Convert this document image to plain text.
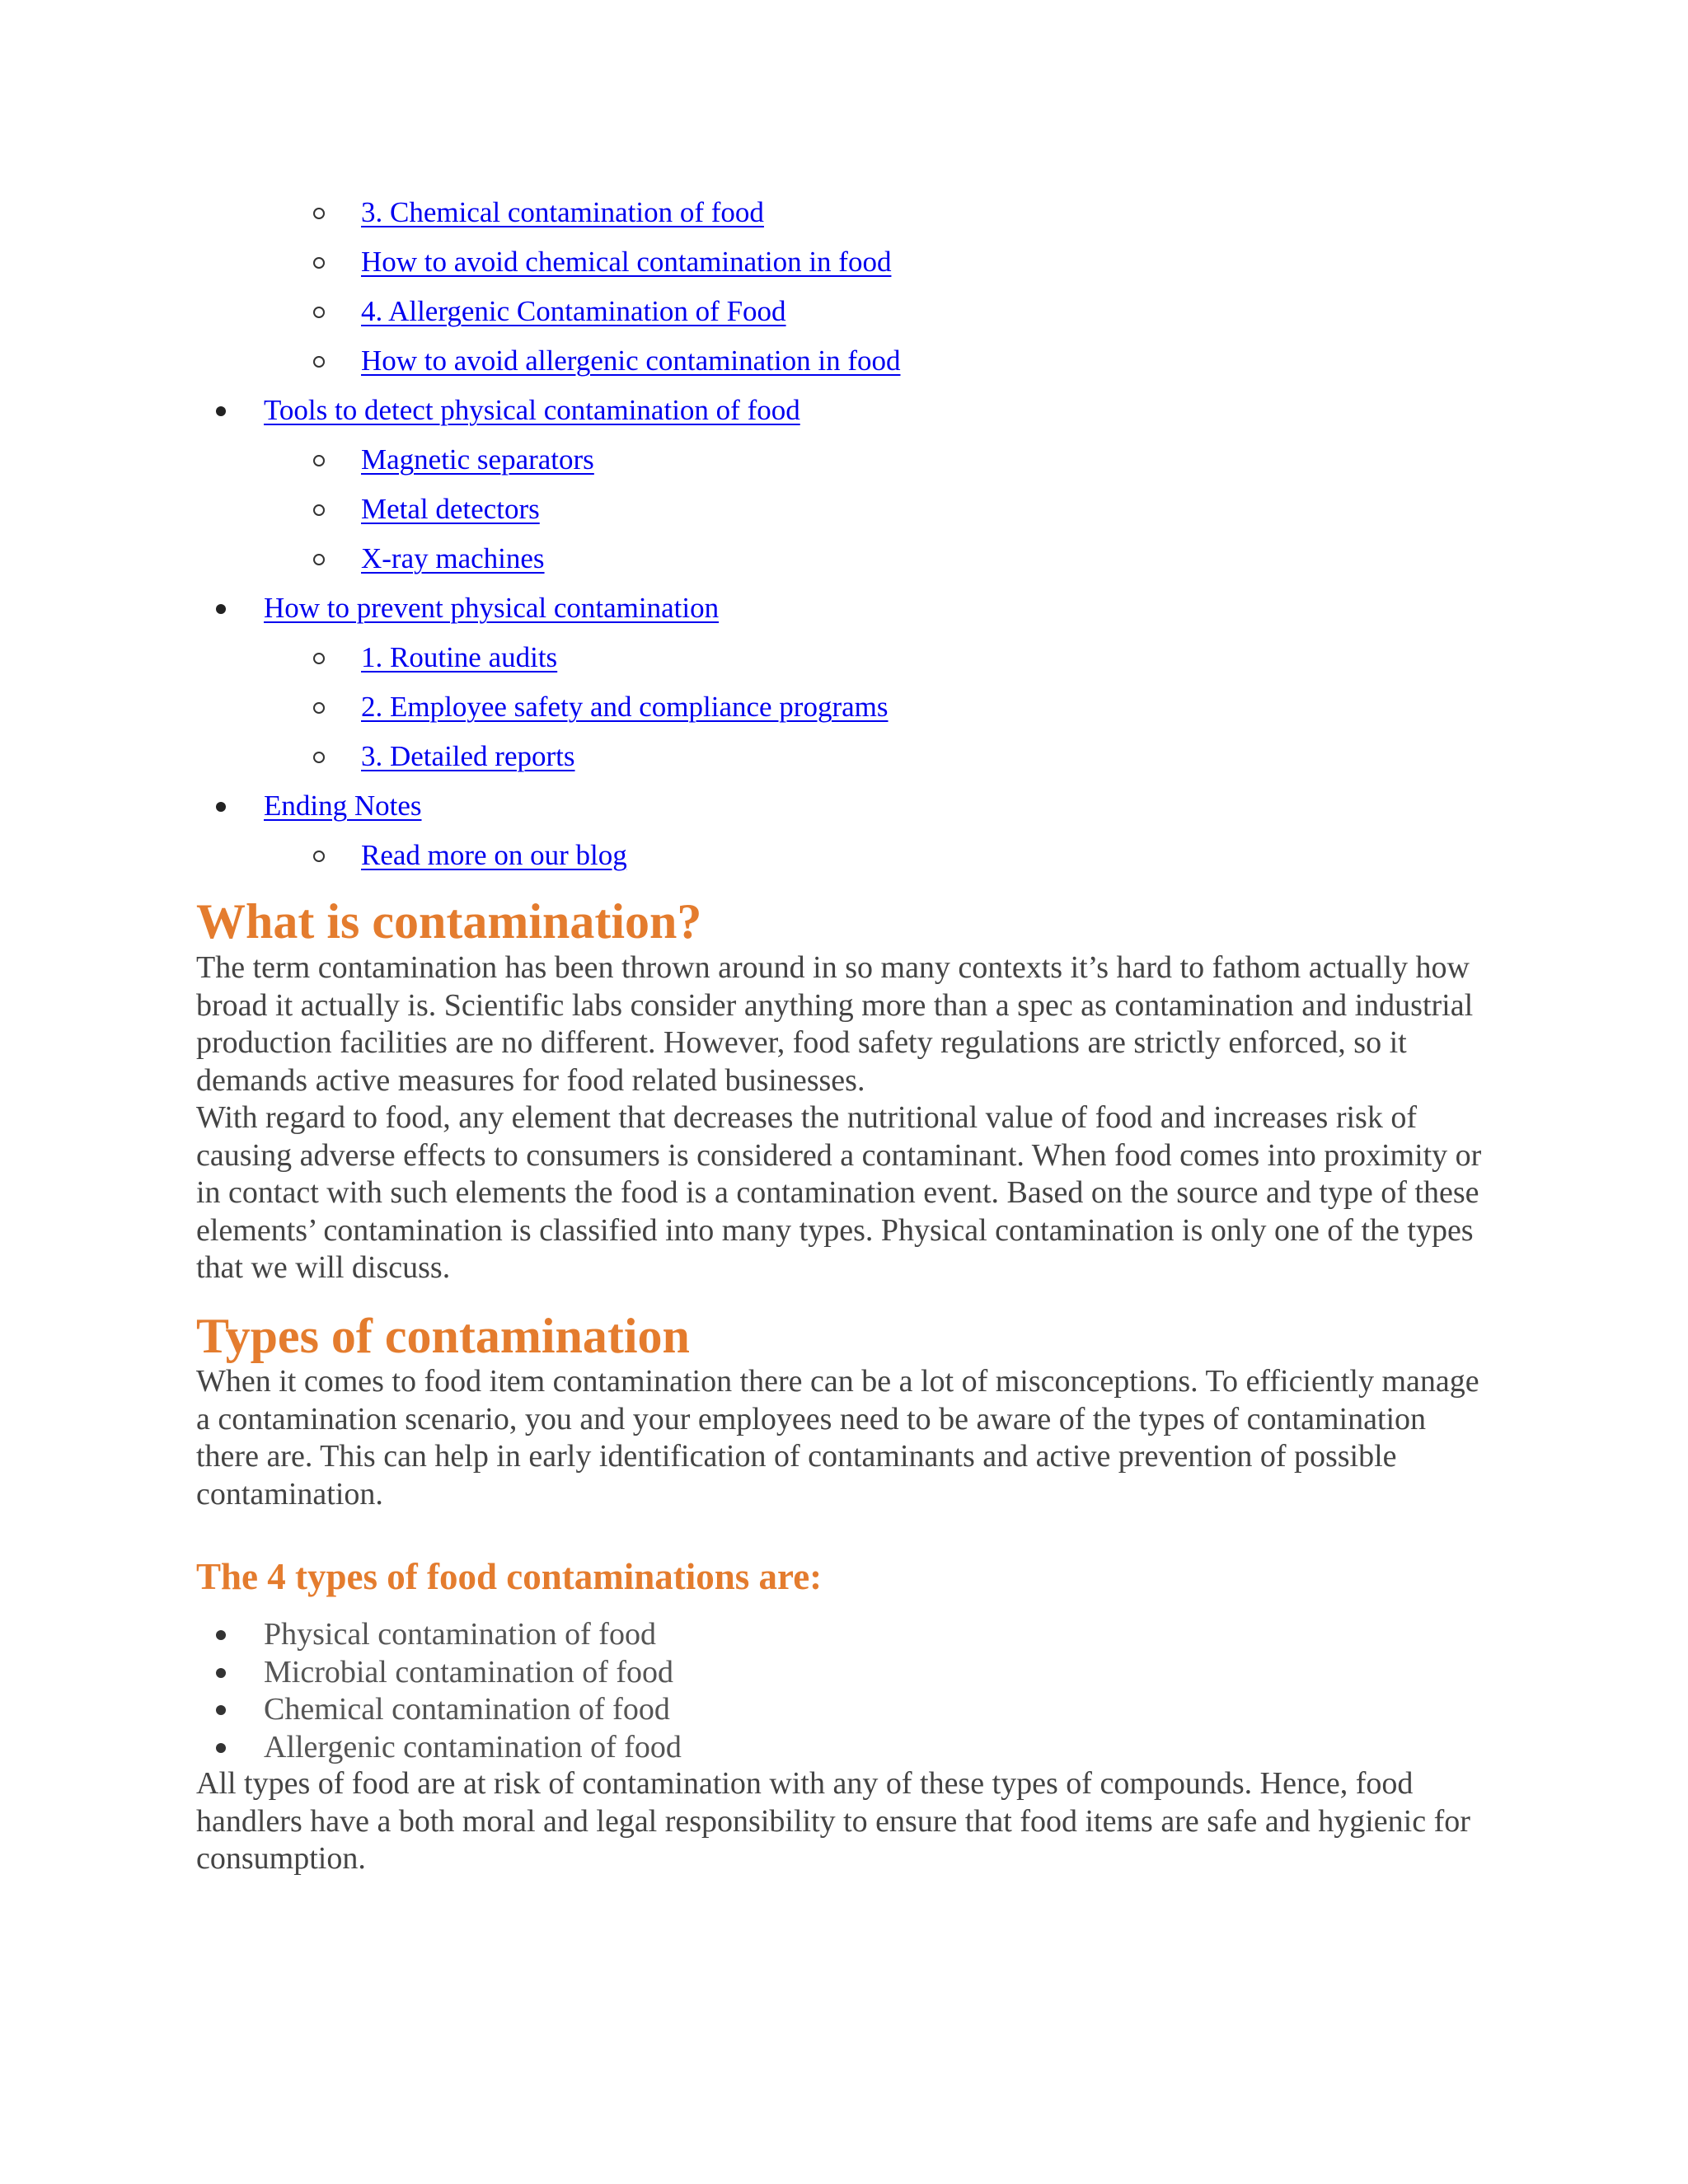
3. Chemical contamination of food
How to avoid chemical contamination in food
4. Allergenic Contamination of Food
How to avoid allergenic contamination in food
Tools to detect physical contamination of food
Magnetic separators
Metal detectors
X-ray machines
How to prevent physical contamination
1. Routine audits
2. Employee safety and compliance programs
3. Detailed reports
Ending Notes
Read more on our blog
What is contamination?

The term contamination has been thrown around in so many contexts it’s hard to fathom actually how broad it actually is. Scientific labs consider anything more than a spec as contamination and industrial production facilities are no different. However, food safety regulations are strictly enforced, so it demands active measures for food related businesses.

With regard to food, any element that decreases the nutritional value of food and increases risk of causing adverse effects to consumers is considered a contaminant. When food comes into proximity or in contact with such elements the food is a contamination event. Based on the source and type of these elements’ contamination is classified into many types. Physical contamination is only one of the types that we will discuss.

Types of contamination

When it comes to food item contamination there can be a lot of misconceptions. To efficiently manage a contamination scenario, you and your employees need to be aware of the types of contamination there are. This can help in early identification of contaminants and active prevention of possible contamination.

The 4 types of food contaminations are:
Physical contamination of food
Microbial contamination of food
Chemical contamination of food
Allergenic contamination of food

All types of food are at risk of contamination with any of these types of compounds. Hence, food handlers have a both moral and legal responsibility to ensure that food items are safe and hygienic for consumption.
